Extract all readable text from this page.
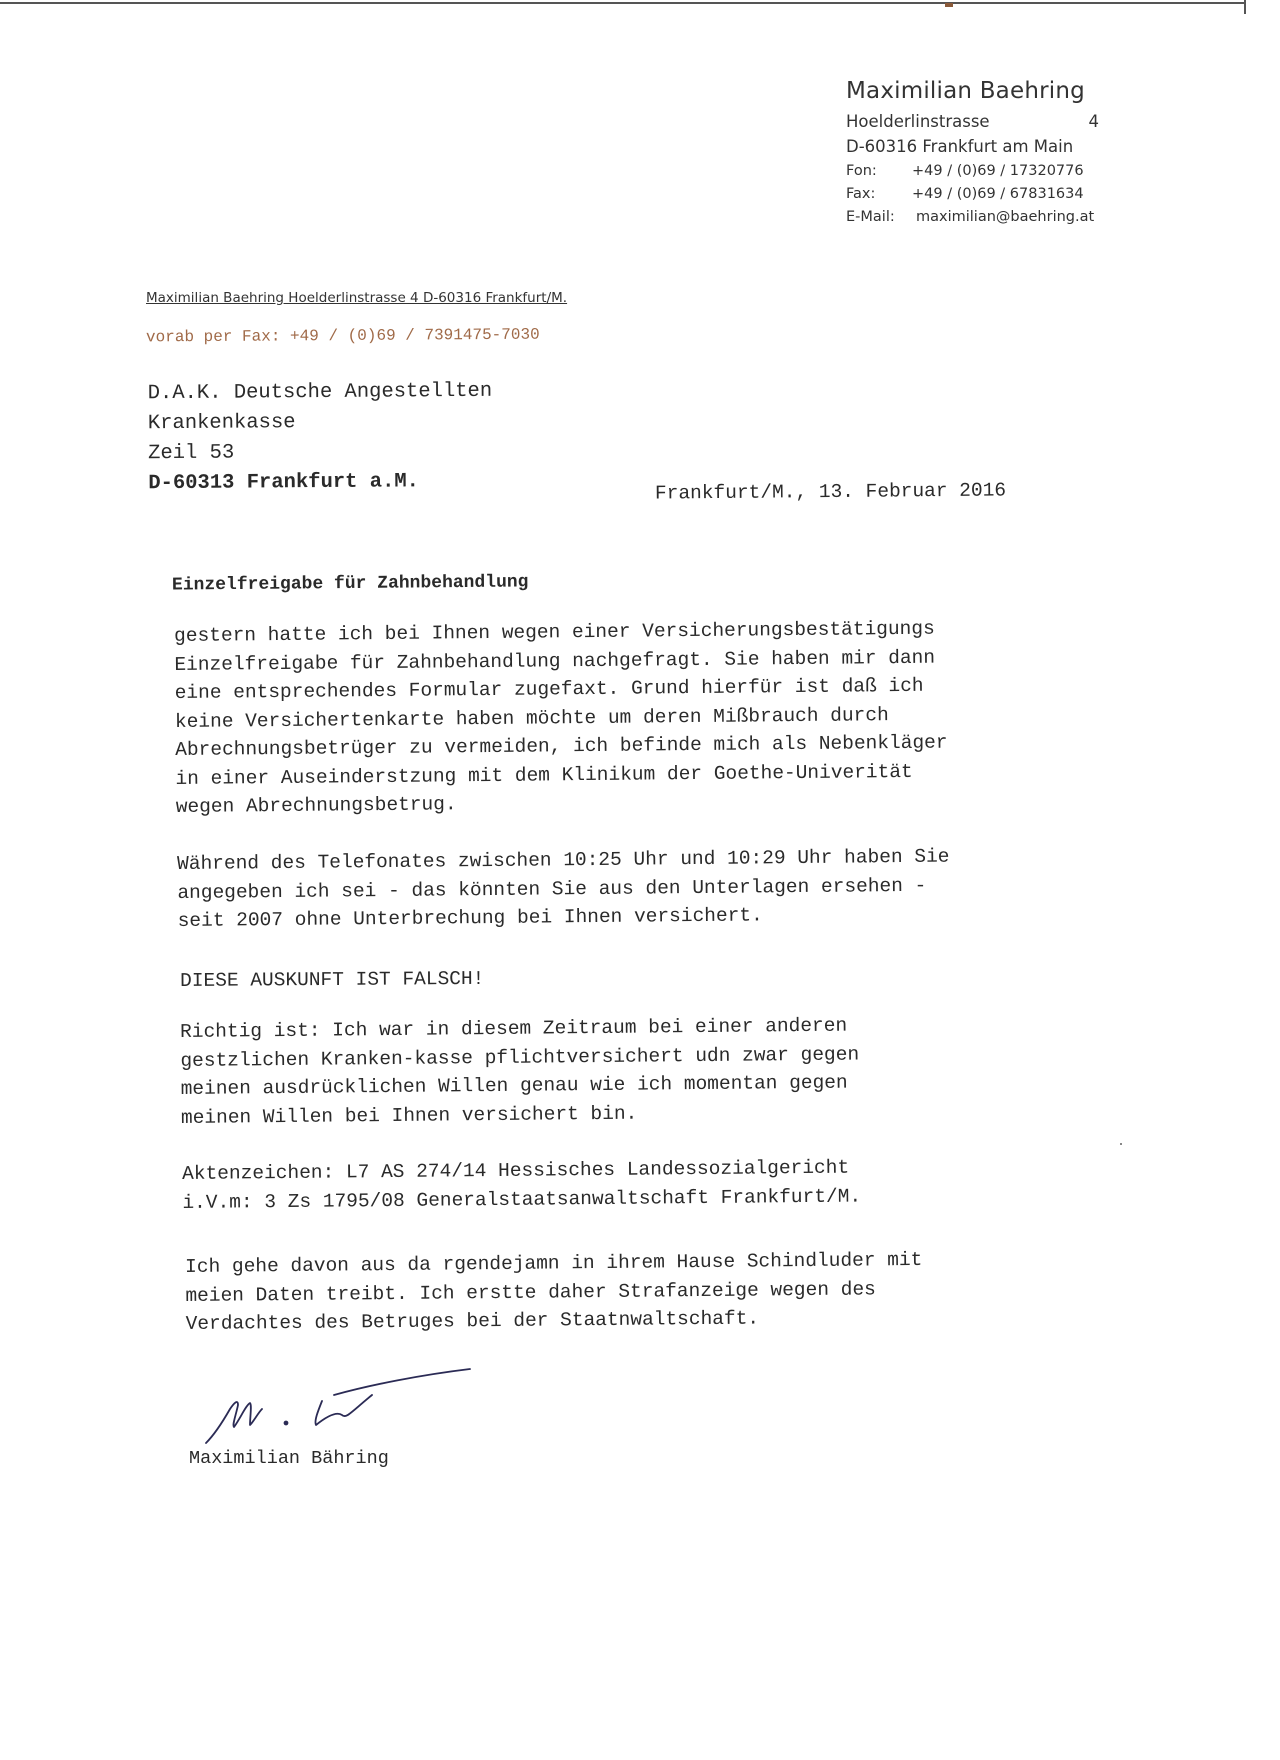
Maximilian Baehring
Hoelderlinstrasse	4
D-60316 Frankfurt am Main
Fon: +49 / (0)69 / 17320776
Fax:	+49 / (0)69 / 67831634
E-Mail: maximilian@baehring.at
Maximilian Baehring Hoelderlinstrasse 4 D-60316 Frankfurt/M.
vorab per Fax: +49 / (0)69 / 7391475-7030
D.A.K. Deutsche Angestellten
Krankenkasse
Zeil 53
D-60313 Frankfurt a.M.	Frankfurt/M., 13. Februar 2016
Einzelfreigabe für Zahnbehandlung
gestern hatte ich bei Ihnen wegen einer Versicherungsbestätigungs
Einzelfreigabe für Zahnbehandlung nachgefragt. Sie haben mir dann
eine entsprechendes Formular zugefaxt. Grund hierfür ist daß ich
keine Versichertenkarte haben möchte um deren Mißbrauch durch
Abrechnungsbetrüger zu vermeiden, ich befinde mich als Nebenkläger
in einer Auseinderstzung mit dem Klinikum der Goethe-Univerität
wegen Abrechnungsbetrug.
Während des Telefonates zwischen 10:25 Uhr und 10:29 Uhr haben Sie
angegeben ich sei - das könnten Sie aus den Unterlagen ersehen -
seit 2007 ohne Unterbrechung bei Ihnen versichert.
DIESE AUSKUNFT IST FALSCH!
Richtig ist: Ich war in diesem Zeitraum bei einer anderen
gestzlichen Kranken-kasse pflichtversichert udn zwar gegen
meinen ausdrücklichen Willen genau wie ich momentan gegen
meinen Willen bei Ihnen versichert bin.
Aktenzeichen: L7 AS 274/14 Hessisches Landessozialgericht
i.V.m: 3 Zs 1795/08 Generalstaatsanwaltschaft Frankfurt/M.
Ich gehe davon aus da rgendejamn in ihrem Hause Schindluder mit
meien Daten treibt. Ich erstte daher Strafanzeige wegen des
Verdachtes des Betruges bei der Staatnwaltschaft.
Maximilian Bähring
